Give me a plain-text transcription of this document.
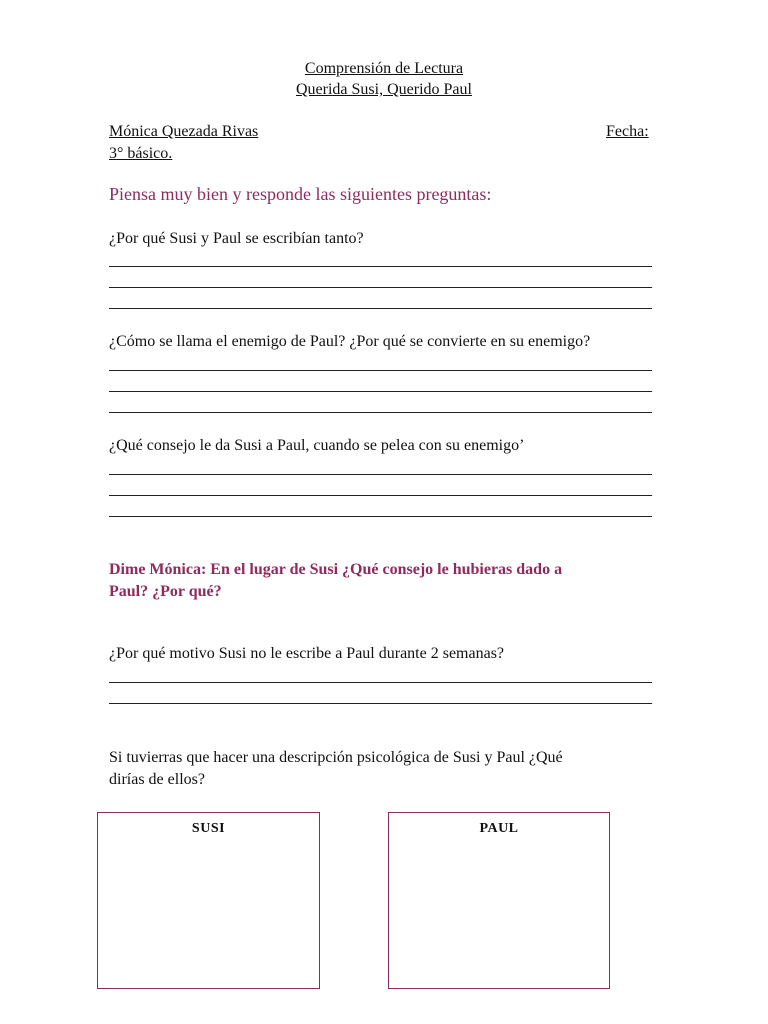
Comprensión de Lectura
Querida Susi, Querido Paul
Mónica Quezada Rivas	Fecha:
3° básico.
Piensa muy bien y responde las siguientes preguntas:
¿Por qué Susi y Paul se escribían tanto?
¿Cómo se llama el enemigo de Paul? ¿Por qué se convierte en su enemigo?
¿Qué consejo le da Susi a Paul, cuando se pelea con su enemigo’
Dime Mónica: En el lugar de Susi ¿Qué consejo le hubieras dado a
Paul? ¿Por qué?
¿Por qué motivo Susi no le escribe a Paul durante 2 semanas?
Si tuvierras que hacer una descripción psicológica de Susi y Paul ¿Qué
dirías de ellos?
SUSI	PAUL
